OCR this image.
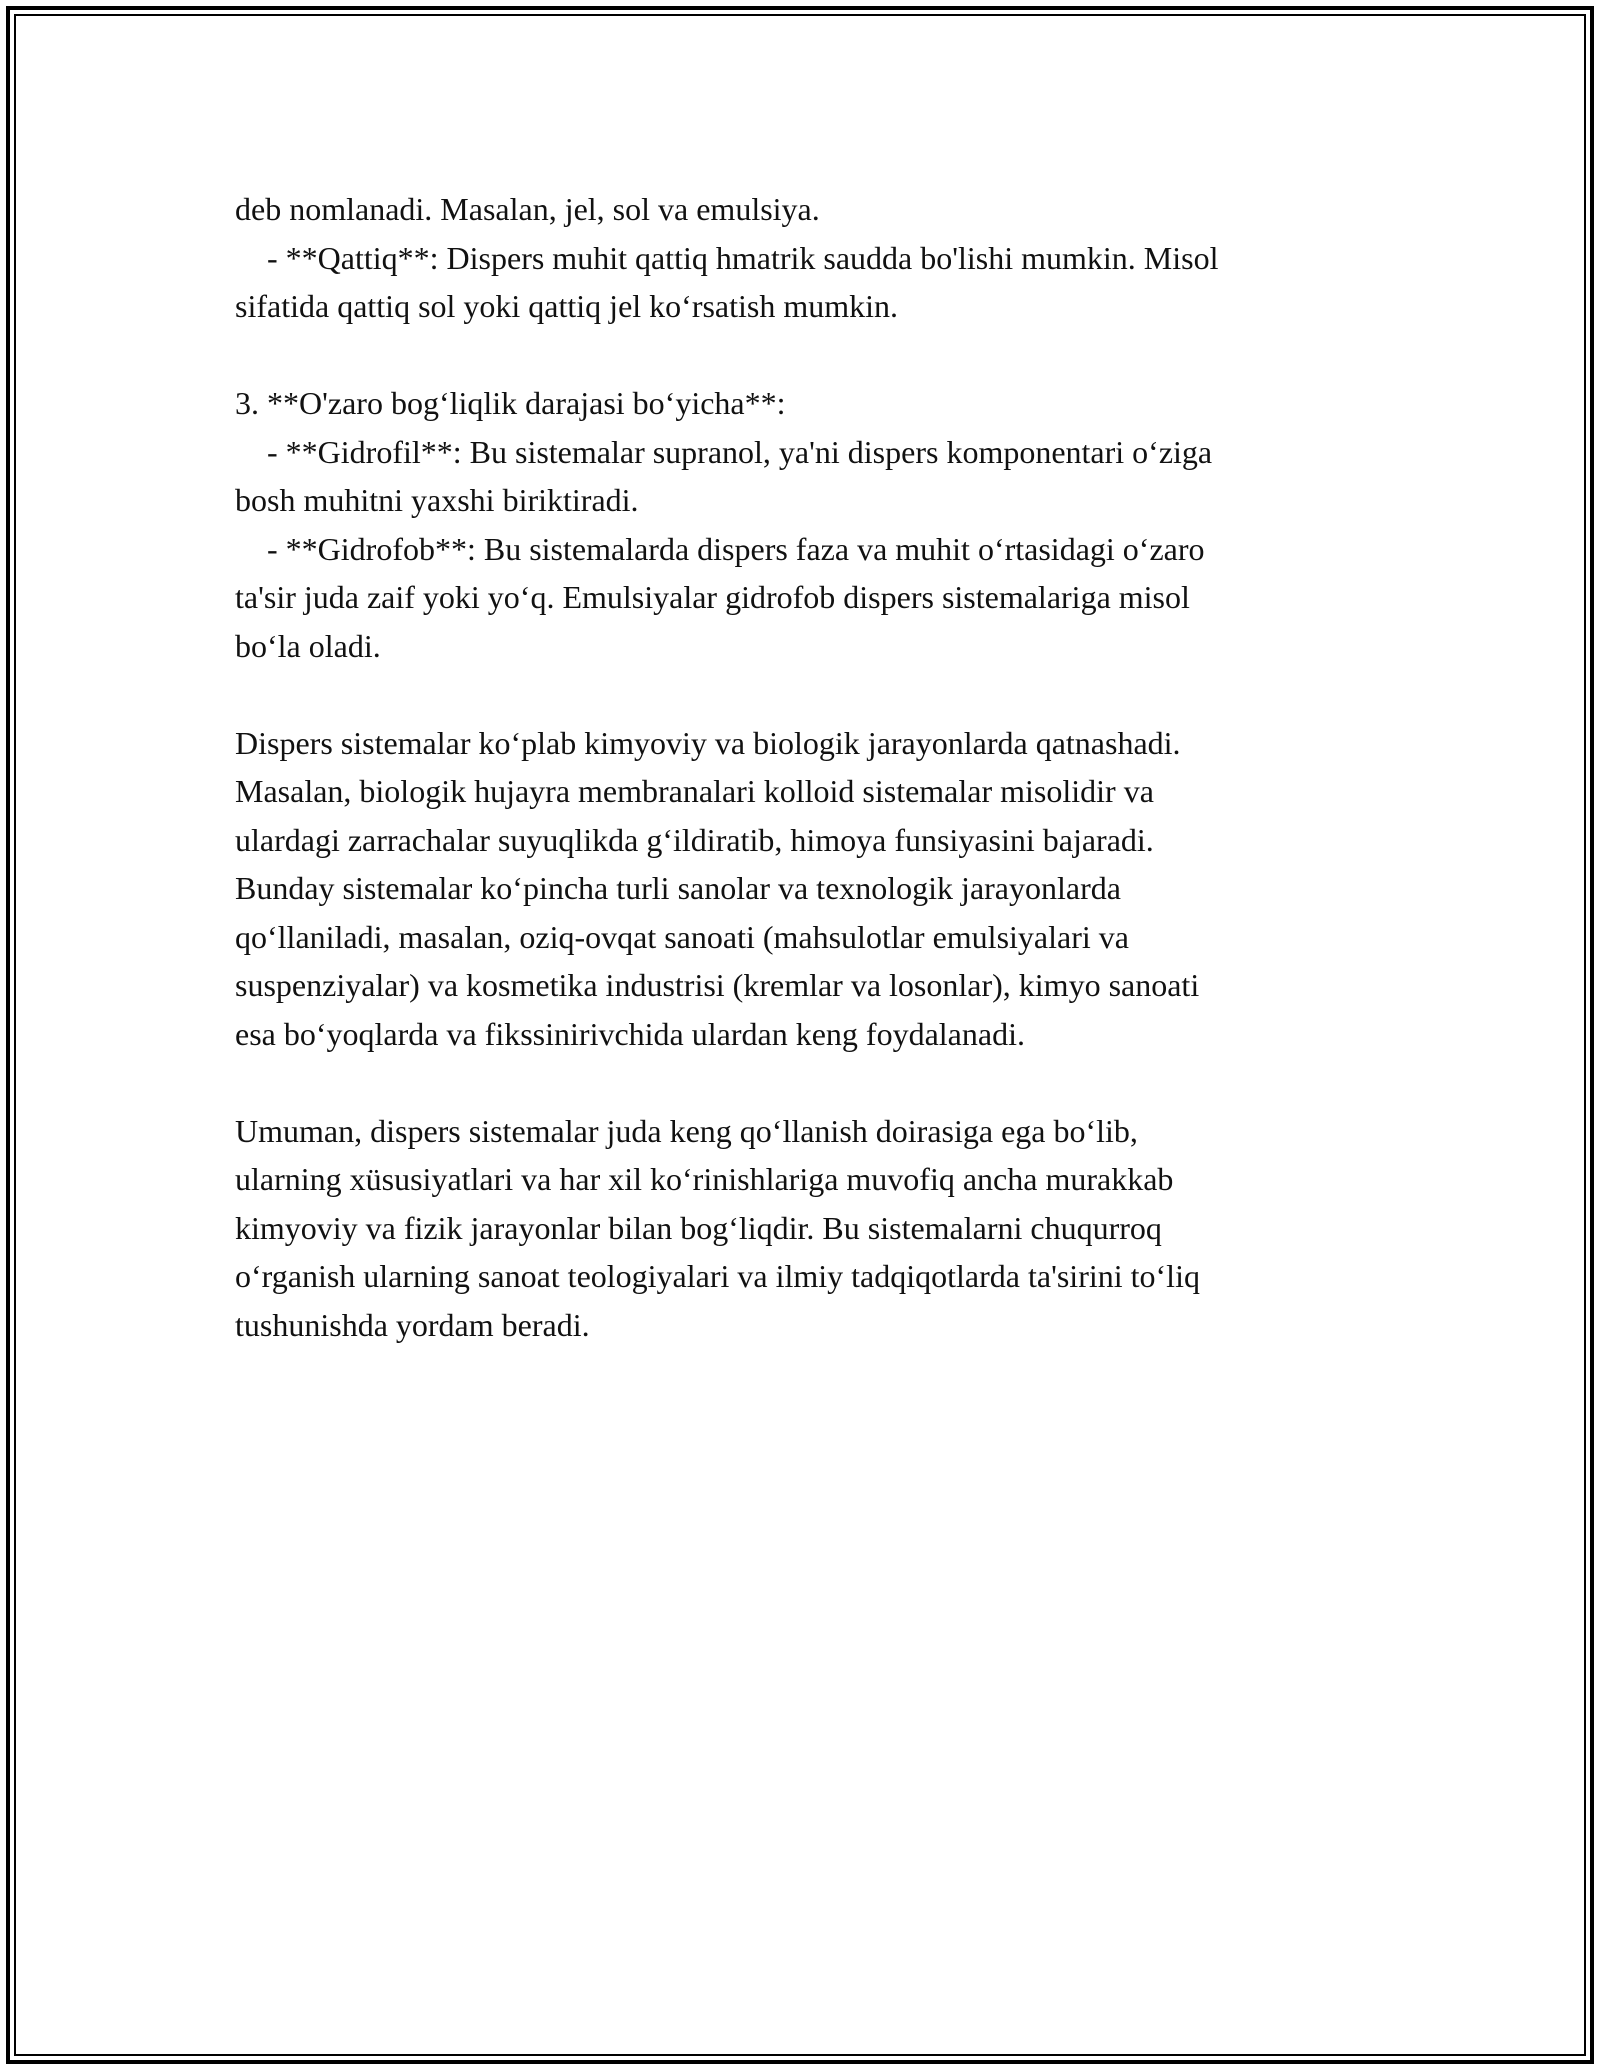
deb nomlanadi. Masalan, jel, sol va emulsiya.
- **Qattiq**: Dispers muhit qattiq hmatrik saudda bo'lishi mumkin. Misol
sifatida qattiq sol yoki qattiq jel koʻrsatish mumkin.
3. **O'zaro bogʻliqlik darajasi boʻyicha**:
- **Gidrofil**: Bu sistemalar supranol, ya'ni dispers komponentari oʻziga
bosh muhitni yaxshi biriktiradi.
- **Gidrofob**: Bu sistemalarda dispers faza va muhit oʻrtasidagi oʻzaro
ta'sir juda zaif yoki yoʻq. Emulsiyalar gidrofob dispers sistemalariga misol
boʻla oladi.
Dispers sistemalar koʻplab kimyoviy va biologik jarayonlarda qatnashadi.
Masalan, biologik hujayra membranalari kolloid sistemalar misolidir va
ulardagi zarrachalar suyuqlikda gʻildiratib, himoya funsiyasini bajaradi.
Bunday sistemalar koʻpincha turli sanolar va texnologik jarayonlarda
qoʻllaniladi, masalan, oziq-ovqat sanoati (mahsulotlar emulsiyalari va
suspenziyalar) va kosmetika industrisi (kremlar va losonlar), kimyo sanoati
esa boʻyoqlarda va fikssinirivchida ulardan keng foydalanadi.
Umuman, dispers sistemalar juda keng qoʻllanish doirasiga ega boʻlib,
ularning xüsusiyatlari va har xil koʻrinishlariga muvofiq ancha murakkab
kimyoviy va fizik jarayonlar bilan bogʻliqdir. Bu sistemalarni chuqurroq
oʻrganish ularning sanoat teologiyalari va ilmiy tadqiqotlarda ta'sirini toʻliq
tushunishda yordam beradi.
